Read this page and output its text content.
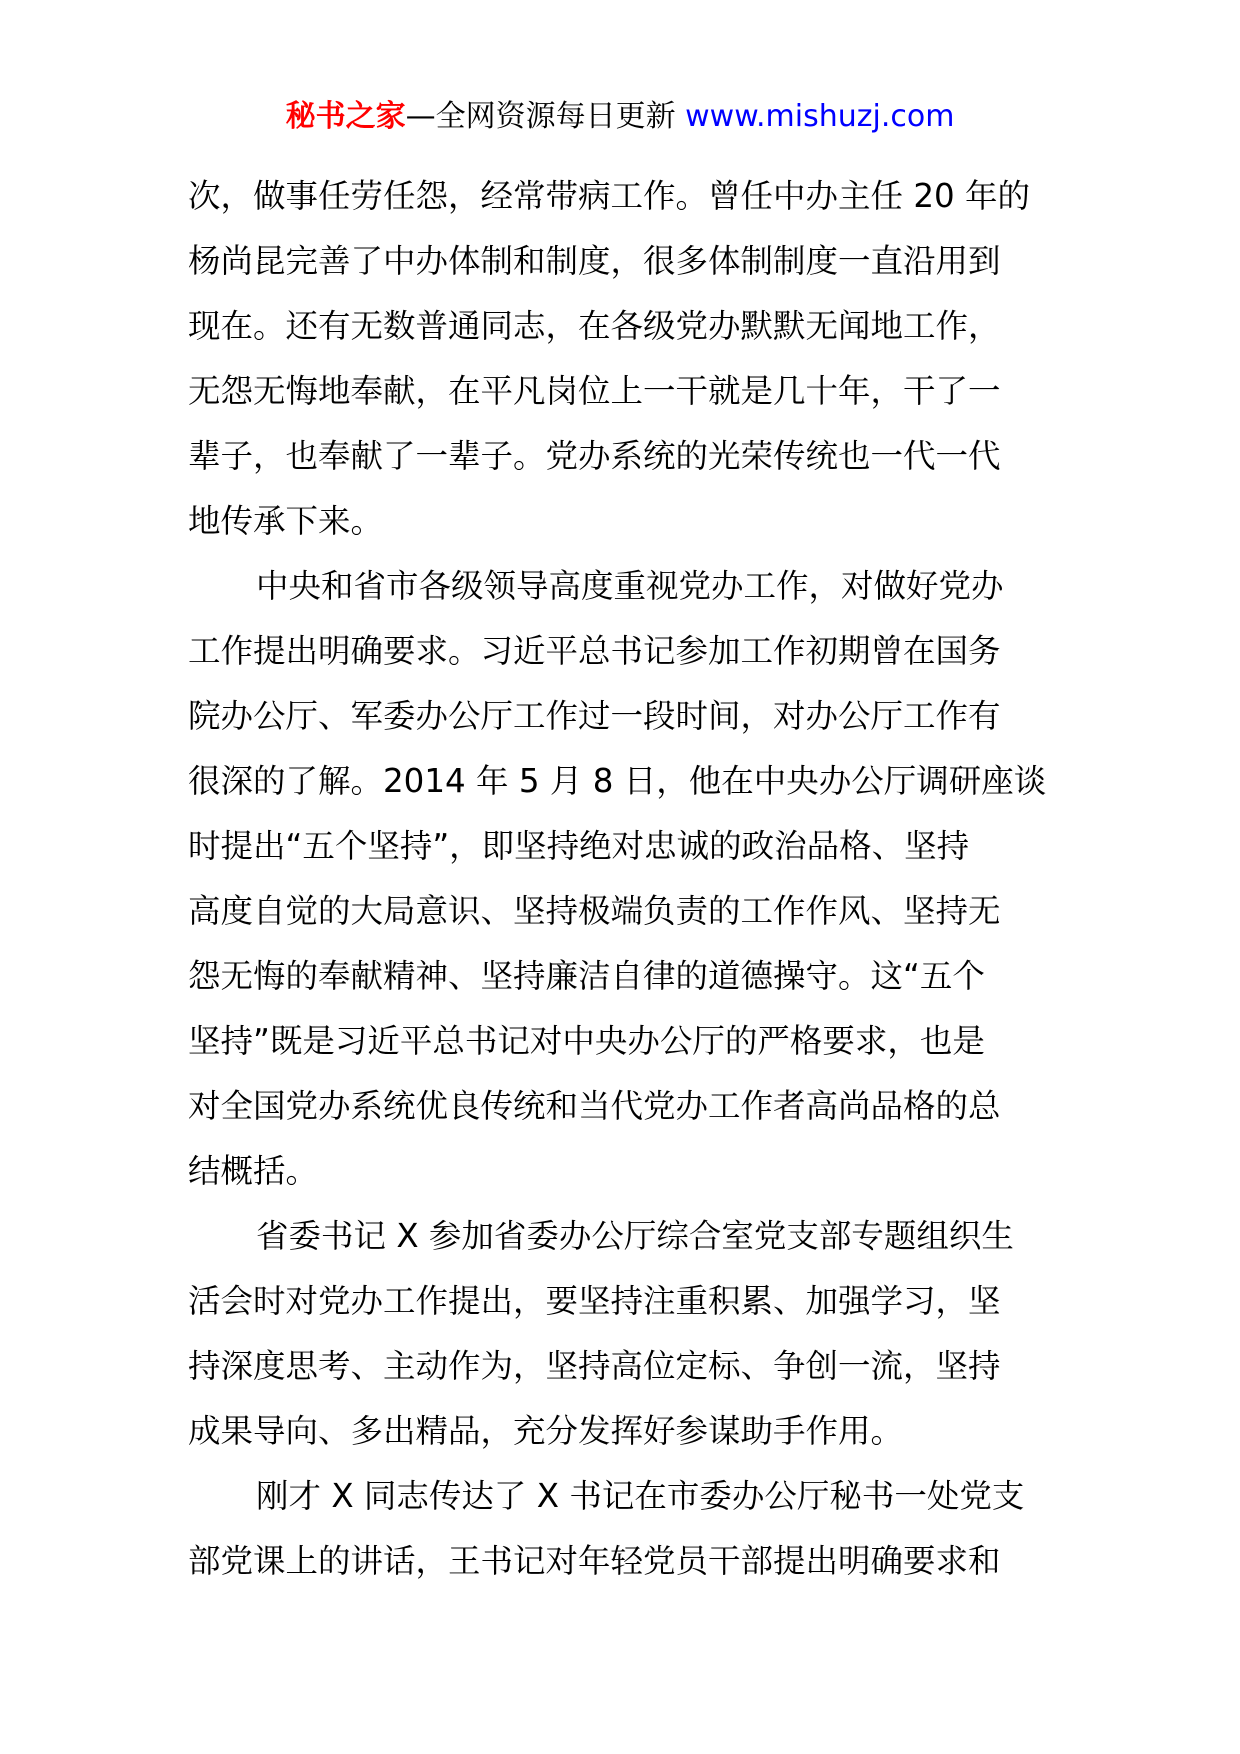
秘书之家—全网资源每日更新 www.mishuzj.com
次，做事任劳任怨，经常带病工作。曾任中办主任 20 年的
杨尚昆完善了中办体制和制度，很多体制制度一直沿用到
现在。还有无数普通同志，在各级党办默默无闻地工作，
无怨无悔地奉献，在平凡岗位上一干就是几十年，干了一
辈子，也奉献了一辈子。党办系统的光荣传统也一代一代
地传承下来。
中央和省市各级领导高度重视党办工作，对做好党办
工作提出明确要求。习近平总书记参加工作初期曾在国务
院办公厅、军委办公厅工作过一段时间，对办公厅工作有
很深的了解。2014 年 5 月 8 日，他在中央办公厅调研座谈
时提出“五个坚持”，即坚持绝对忠诚的政治品格、坚持
高度自觉的大局意识、坚持极端负责的工作作风、坚持无
怨无悔的奉献精神、坚持廉洁自律的道德操守。这“五个
坚持”既是习近平总书记对中央办公厅的严格要求，也是
对全国党办系统优良传统和当代党办工作者高尚品格的总
结概括。
省委书记 X 参加省委办公厅综合室党支部专题组织生
活会时对党办工作提出，要坚持注重积累、加强学习，坚
持深度思考、主动作为，坚持高位定标、争创一流，坚持
成果导向、多出精品，充分发挥好参谋助手作用。
刚才 X 同志传达了 X 书记在市委办公厅秘书一处党支
部党课上的讲话，王书记对年轻党员干部提出明确要求和
